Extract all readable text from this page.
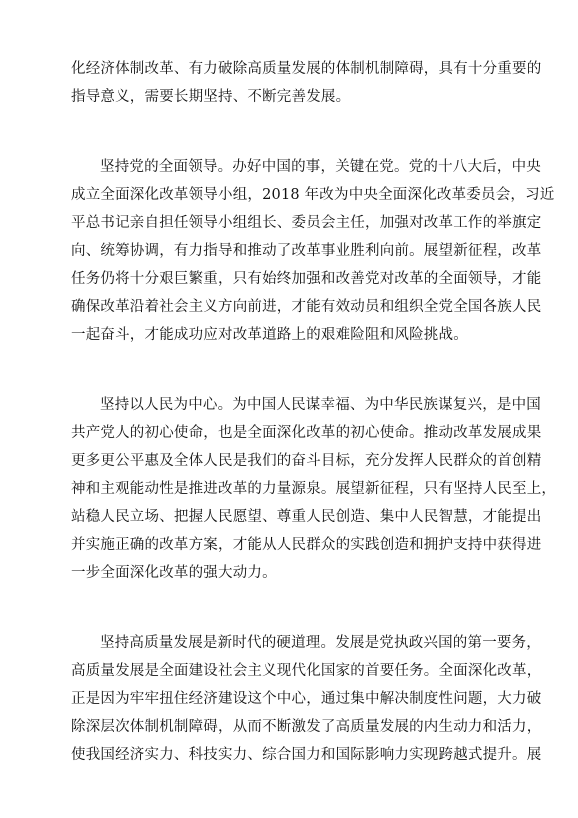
化经济体制改革、有力破除高质量发展的体制机制障碍，具有十分重要的
指导意义，需要长期坚持、不断完善发展。
坚持党的全面领导。办好中国的事，关键在党。党的十八大后，中央
成立全面深化改革领导小组，2018 年改为中央全面深化改革委员会，习近
平总书记亲自担任领导小组组长、委员会主任，加强对改革工作的举旗定
向、统筹协调，有力指导和推动了改革事业胜利向前。展望新征程，改革
任务仍将十分艰巨繁重，只有始终加强和改善党对改革的全面领导，才能
确保改革沿着社会主义方向前进，才能有效动员和组织全党全国各族人民
一起奋斗，才能成功应对改革道路上的艰难险阻和风险挑战。
坚持以人民为中心。为中国人民谋幸福、为中华民族谋复兴，是中国
共产党人的初心使命，也是全面深化改革的初心使命。推动改革发展成果
更多更公平惠及全体人民是我们的奋斗目标，充分发挥人民群众的首创精
神和主观能动性是推进改革的力量源泉。展望新征程，只有坚持人民至上，
站稳人民立场、把握人民愿望、尊重人民创造、集中人民智慧，才能提出
并实施正确的改革方案，才能从人民群众的实践创造和拥护支持中获得进
一步全面深化改革的强大动力。
坚持高质量发展是新时代的硬道理。发展是党执政兴国的第一要务，
高质量发展是全面建设社会主义现代化国家的首要任务。全面深化改革，
正是因为牢牢扭住经济建设这个中心，通过集中解决制度性问题，大力破
除深层次体制机制障碍，从而不断激发了高质量发展的内生动力和活力，
使我国经济实力、科技实力、综合国力和国际影响力实现跨越式提升。展
